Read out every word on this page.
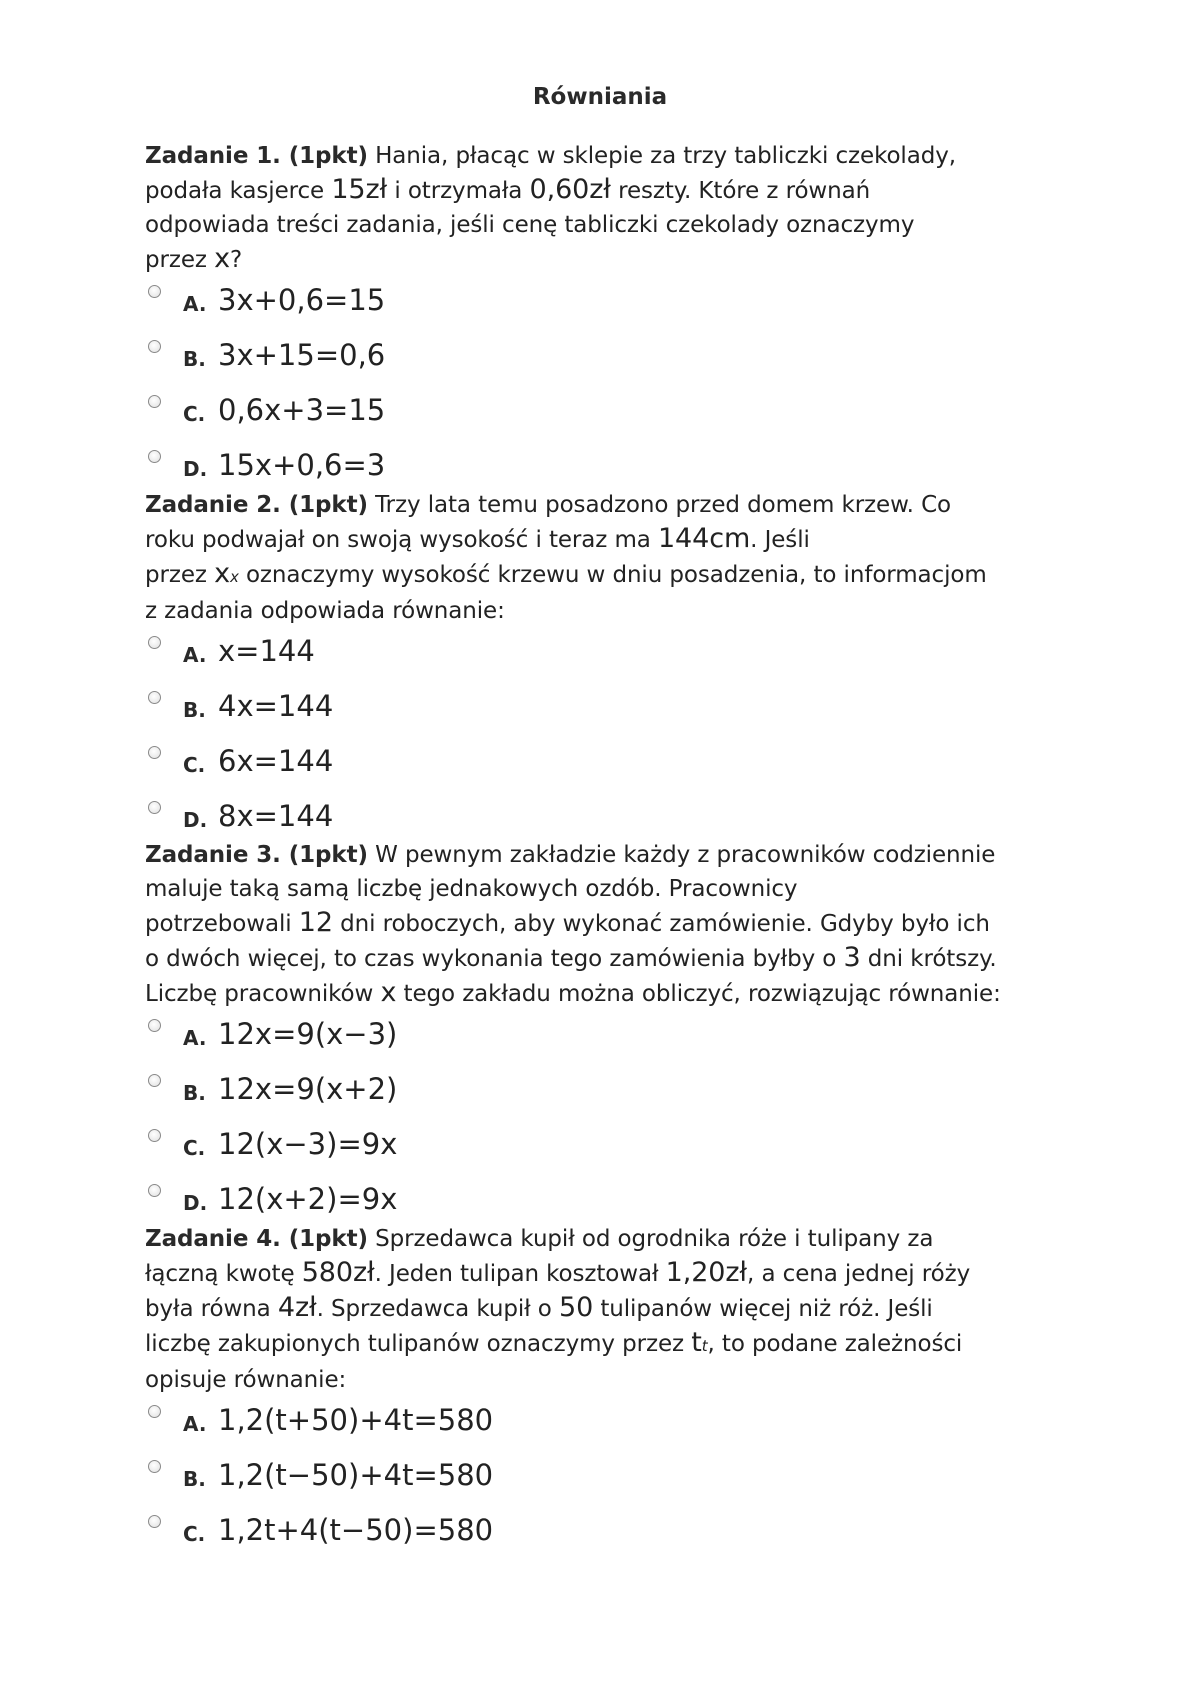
Równiania
Zadanie 1. (1pkt) Hania, płacąc w sklepie za trzy tabliczki czekolady,
podała kasjerce 15zł i otrzymała 0,60zł reszty. Które z równań
odpowiada treści zadania, jeśli cenę tabliczki czekolady oznaczymy
przez x?
A. 3x+0,6=15
B. 3x+15=0,6
C. 0,6x+3=15
D. 15x+0,6=3
Zadanie 2. (1pkt) Trzy lata temu posadzono przed domem krzew. Co
roku podwajał on swoją wysokość i teraz ma 144cm. Jeśli
przez xx oznaczymy wysokość krzewu w dniu posadzenia, to informacjom
z zadania odpowiada równanie:
A. x=144
B. 4x=144
C. 6x=144
D. 8x=144
Zadanie 3. (1pkt) W pewnym zakładzie każdy z pracowników codziennie
maluje taką samą liczbę jednakowych ozdób. Pracownicy
potrzebowali 12 dni roboczych, aby wykonać zamówienie. Gdyby było ich
o dwóch więcej, to czas wykonania tego zamówienia byłby o 3 dni krótszy.
Liczbę pracowników x tego zakładu można obliczyć, rozwiązując równanie:
A. 12x=9(x−3)
B. 12x=9(x+2)
C. 12(x−3)=9x
D. 12(x+2)=9x
Zadanie 4. (1pkt) Sprzedawca kupił od ogrodnika róże i tulipany za
łączną kwotę 580zł. Jeden tulipan kosztował 1,20zł, a cena jednej róży
była równa 4zł. Sprzedawca kupił o 50 tulipanów więcej niż róż. Jeśli
liczbę zakupionych tulipanów oznaczymy przez tt, to podane zależności
opisuje równanie:
A. 1,2(t+50)+4t=580
B. 1,2(t−50)+4t=580
C. 1,2t+4(t−50)=580
